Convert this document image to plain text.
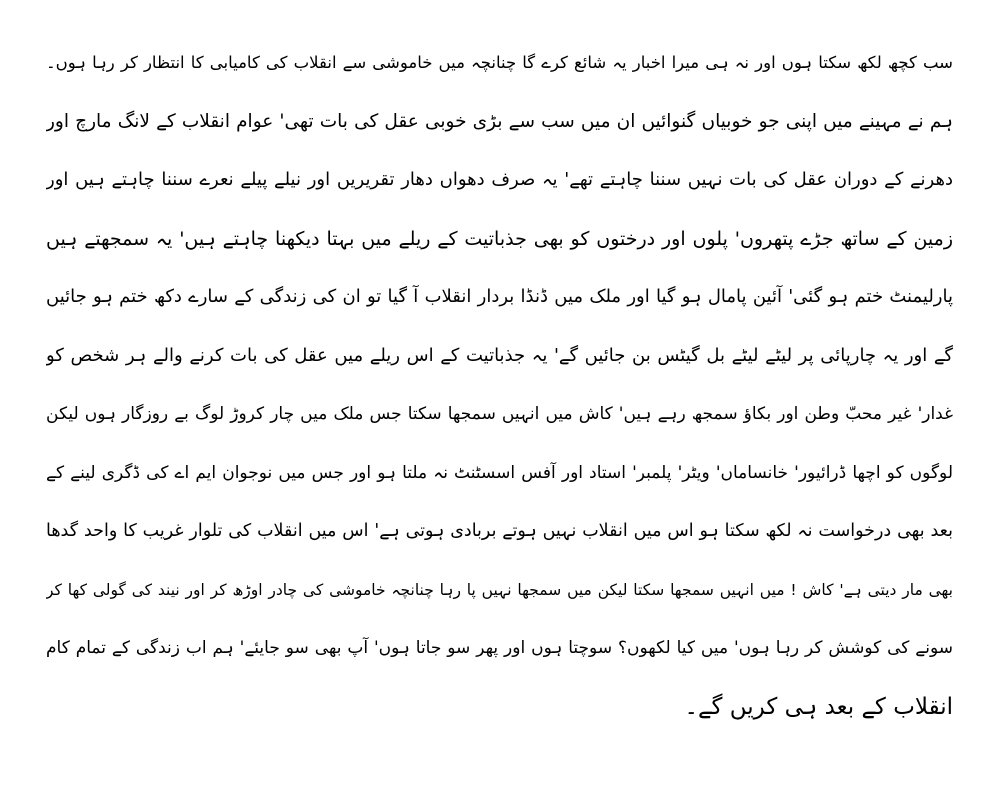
سب کچھ لکھ سکتا ہوں اور نہ ہی میرا اخبار یہ شائع کرے گا چنانچہ میں خاموشی سے انقلاب کی کامیابی کا انتظار کر رہا ہوں۔
ہم نے مہینے میں اپنی جو خوبیاں گنوائیں ان میں سب سے بڑی خوبی عقل کی بات تھی' عوام انقلاب کے لانگ مارچ اور
دھرنے کے دوران عقل کی بات نہیں سننا چاہتے تھے' یہ صرف دھواں دھار تقریریں اور نیلے پیلے نعرے سننا چاہتے ہیں اور
زمین کے ساتھ جڑے پتھروں' پلوں اور درختوں کو بھی جذباتیت کے ریلے میں بہتا دیکھنا چاہتے ہیں' یہ سمجھتے ہیں
پارلیمنٹ ختم ہو گئی' آئین پامال ہو گیا اور ملک میں ڈنڈا بردار انقلاب آ گیا تو ان کی زندگی کے سارے دکھ ختم ہو جائیں
گے اور یہ چارپائی پر لیٹے لیٹے بل گیٹس بن جائیں گے' یہ جذباتیت کے اس ریلے میں عقل کی بات کرنے والے ہر شخص کو
غدار' غیر محبّ وطن اور بکاؤ سمجھ رہے ہیں' کاش میں انہیں سمجھا سکتا جس ملک میں چار کروڑ لوگ بے روزگار ہوں لیکن
لوگوں کو اچھا ڈرائیور' خانساماں' ویٹر' پلمبر' استاد اور آفس اسسٹنٹ نہ ملتا ہو اور جس میں نوجوان ایم اے کی ڈگری لینے کے
بعد بھی درخواست نہ لکھ سکتا ہو اس میں انقلاب نہیں ہوتے بربادی ہوتی ہے' اس میں انقلاب کی تلوار غریب کا واحد گدھا
بھی مار دیتی ہے' کاش ! میں انہیں سمجھا سکتا لیکن میں سمجھا نہیں پا رہا چنانچہ خاموشی کی چادر اوڑھ کر اور نیند کی گولی کھا کر
سونے کی کوشش کر رہا ہوں' میں کیا لکھوں؟ سوچتا ہوں اور پھر سو جاتا ہوں' آپ بھی سو جایئے' ہم اب زندگی کے تمام کام
انقلاب کے بعد ہی کریں گے۔
